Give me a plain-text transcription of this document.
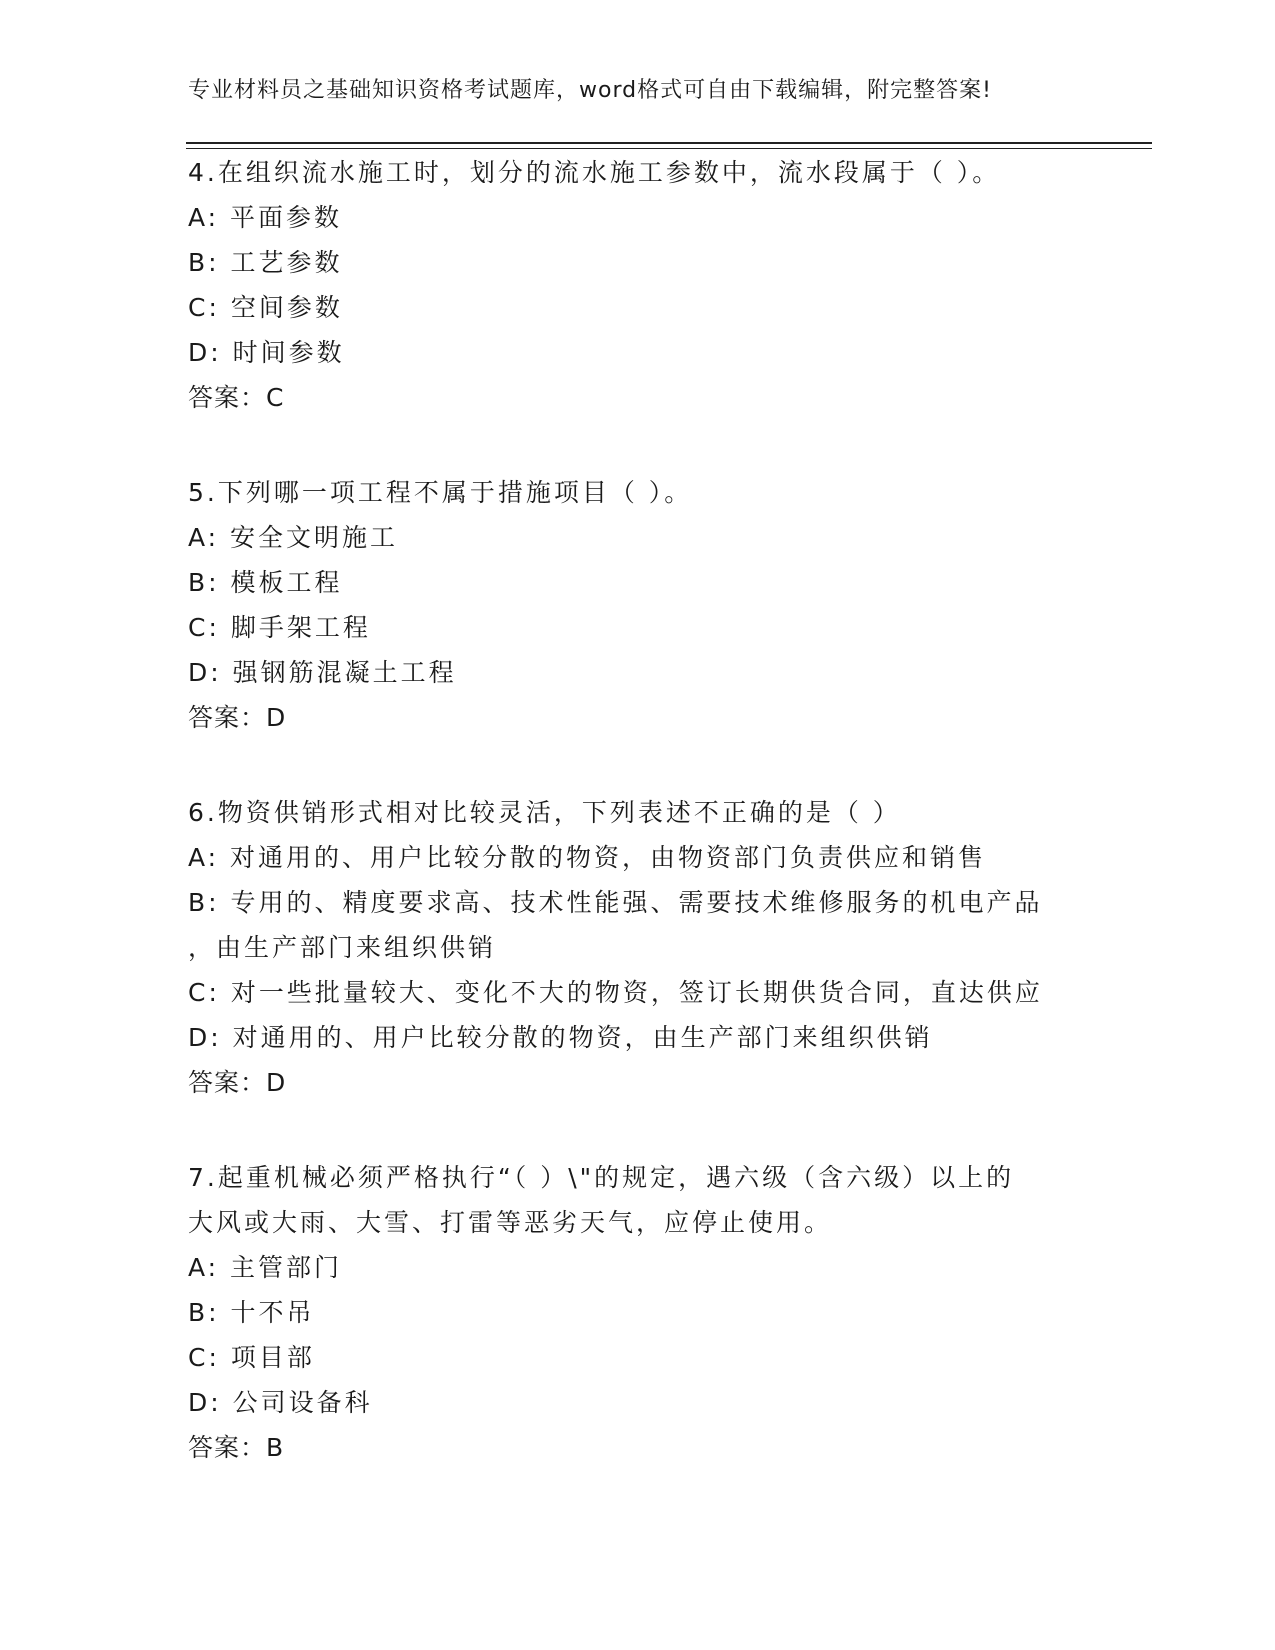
专业材料员之基础知识资格考试题库，word格式可自由下载编辑，附完整答案!
4.在组织流水施工时，划分的流水施工参数中，流水段属于（ ）。
A: 平面参数
B: 工艺参数
C: 空间参数
D: 时间参数
答案：C
5.下列哪一项工程不属于措施项目（ ）。
A: 安全文明施工
B: 模板工程
C: 脚手架工程
D: 强钢筋混凝土工程
答案：D
6.物资供销形式相对比较灵活，下列表述不正确的是（ ）
A: 对通用的、用户比较分散的物资，由物资部门负责供应和销售
B: 专用的、精度要求高、技术性能强、需要技术维修服务的机电产品
，由生产部门来组织供销
C: 对一些批量较大、变化不大的物资，签订长期供货合同，直达供应
D: 对通用的、用户比较分散的物资，由生产部门来组织供销
答案：D
7.起重机械必须严格执行“（ ）\"的规定，遇六级（含六级）以上的
大风或大雨、大雪、打雷等恶劣天气，应停止使用。
A: 主管部门
B: 十不吊
C: 项目部
D: 公司设备科
答案：B
